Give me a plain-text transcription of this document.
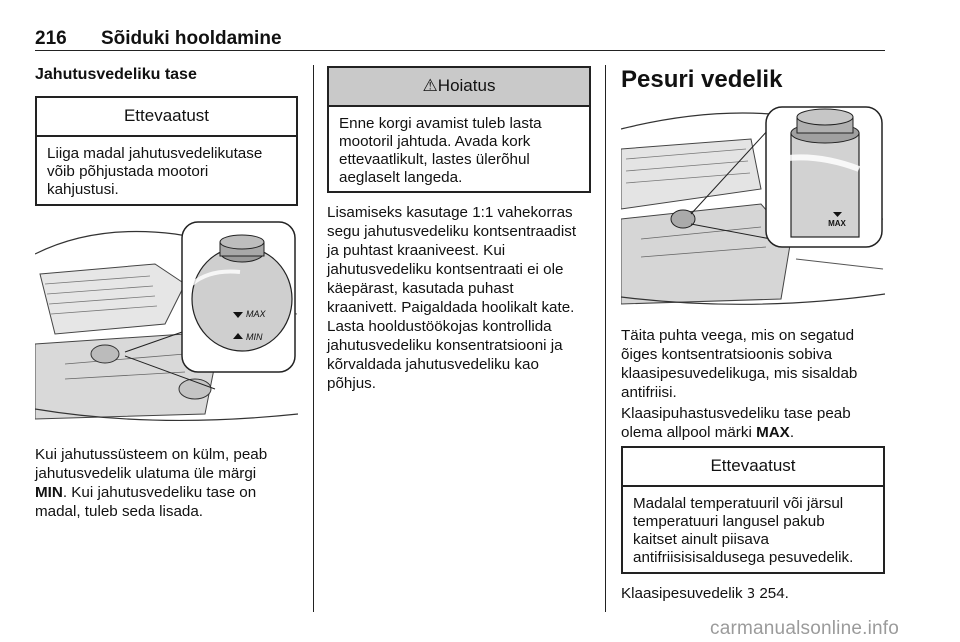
216 Sõiduki hooldamine
Jahutusvedeliku tase
Ettevaatust
Liiga madal jahutusvedelikutase
võib põhjustada mootori
kahjustusi.
MAX
MIN
Kui jahutussüsteem on külm, peab
jahutusvedelik ulatuma üle märgi
MIN. Kui jahutusvedeliku tase on
madal, tuleb seda lisada.
⚠Hoiatus
Enne korgi avamist tuleb lasta
mootoril jahtuda. Avada kork
ettevaatlikult, lastes ülerõhul
aeglaselt langeda.
Lisamiseks kasutage 1:1 vahekorras
segu jahutusvedeliku kontsentraadist
ja puhtast kraaniveest. Kui
jahutusvedeliku kontsentraati ei ole
käepärast, kasutada puhast
kraanivett. Paigaldada hoolikalt kate.
Lasta hooldustöökojas kontrollida
jahutusvedeliku konsentratsiooni ja
kõrvaldada jahutusvedeliku kao
põhjus.
Pesuri vedelik
MAX
Täita puhta veega, mis on segatud
õiges kontsentratsioonis sobiva
klaasipesuvedelikuga, mis sisaldab
antifriisi.
Klaasipuhastusvedeliku tase peab
olema allpool märki MAX.
Ettevaatust
Madalal temperatuuril või järsul
temperatuuri langusel pakub
kaitset ainult piisava
antifriisisisaldusega pesuvedelik.
Klaasipesuvedelik 3 254.
carmanualsonline.info
